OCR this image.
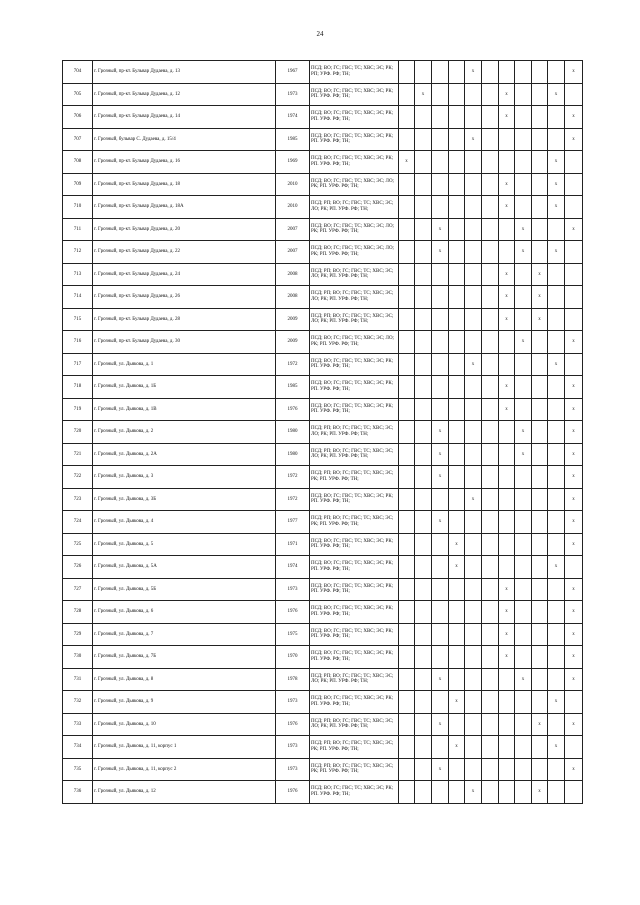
24
704	г. Грозный, пр-кт. Бульвар Дудаева, д. 13	1967	ПСД; ВО; ГС; ГВС; ТС; ХВС; ЭС; РК; РП; УРФ. РФ; ТН;					x						x
705	г. Грозный, пр-кт. Бульвар Дудаева, д. 12	1973	ПСД; ВО; ГС; ГВС; ТС; ХВС; ЭС; РК; РП. УРФ. РФ; ТН;		x					x			x	
706	г. Грозный, пр-кт. Бульвар Дудаева, д. 14	1974	ПСД; ВО; ГС; ГВС; ТС; ХВС; ЭС; РК; РП. УРФ. РФ; ТН;							x				x
707	г. Грозный, бульвар С. Дудаева, д. 15/4	1985	ПСД; ВО; ГС; ГВС; ТС; ХВС; ЭС; РК; РП. УРФ. РФ; ТН;					x						x
708	г. Грозный, пр-кт. Бульвар Дудаева, д. 16	1969	ПСД; ВО; ГС; ГВС; ТС; ХВС; ЭС; РК; РП. УРФ. РФ; ТН;	x									x	
709	г. Грозный, пр-кт. Бульвар Дудаева, д. 18	2010	ПСД; ВО; ГС; ГВС; ТС; ХВС; ЭС; ЛО; РК; РП. УРФ. РФ; ТН;							x			x	
710	г. Грозный, пр-кт. Бульвар Дудаева, д. 18А	2010	ПСД; РП; ВО; ГС; ГВС; ТС; ХВС; ЭС; ЛО; РК; РП. УРФ. РФ; ТН;							x			x	
711	г. Грозный, пр-кт. Бульвар Дудаева, д. 20	2007	ПСД; ВО; ГС; ГВС; ТС; ХВС; ЭС; ЛО; РК; РП. УРФ. РФ; ТН;			x					x			x
712	г. Грозный, пр-кт. Бульвар Дудаева, д. 22	2007	ПСД; ВО; ГС; ГВС; ТС; ХВС; ЭС; ЛО; РК; РП. УРФ. РФ; ТН;			x					x		x	
713	г. Грозный, пр-кт. Бульвар Дудаева, д. 24	2008	ПСД; РП; ВО; ГС; ГВС; ТС; ХВС; ЭС; ЛО; РК; РП. УРФ. РФ; ТН;							x		x		
714	г. Грозный, пр-кт. Бульвар Дудаева, д. 26	2008	ПСД; РП; ВО; ГС; ГВС; ТС; ХВС; ЭС; ЛО; РК; РП. УРФ. РФ; ТН;							x		x		
715	г. Грозный, пр-кт. Бульвар Дудаева, д. 28	2009	ПСД; РП; ВО; ГС; ГВС; ТС; ХВС; ЭС; ЛО; РК; РП. УРФ. РФ; ТН;							x		x		
716	г. Грозный, пр-кт. Бульвар Дудаева, д. 30	2009	ПСД; ВО; ГС; ГВС; ТС; ХВС; ЭС; ЛО; РК; РП. УРФ. РФ; ТН;								x			x
717	г. Грозный, ул. Дьякова, д. 1	1972	ПСД; ВО; ГС; ГВС; ТС; ХВС; ЭС; РК; РП. УРФ. РФ; ТН;					x					x	
718	г. Грозный, ул. Дьякова, д. 1Б	1985	ПСД; ВО; ГС; ГВС; ТС; ХВС; ЭС; РК; РП. УРФ. РФ; ТН;							x				x
719	г. Грозный, ул. Дьякова, д. 1В	1976	ПСД; ВО; ГС; ГВС; ТС; ХВС; ЭС; РК; РП. УРФ. РФ; ТН;							x				x
720	г. Грозный, ул. Дьякова, д. 2	1980	ПСД; РП; ВО; ГС; ГВС; ТС; ХВС; ЭС; ЛО; РК; РП. УРФ. РФ; ТН;			x					x			x
721	г. Грозный, ул. Дьякова, д. 2А	1980	ПСД; РП; ВО; ГС; ГВС; ТС; ХВС; ЭС; ЛО; РК; РП. УРФ. РФ; ТН;			x					x			x
722	г. Грозный, ул. Дьякова, д. 3	1972	ПСД; РП; ВО; ГС; ГВС; ТС; ХВС; ЭС; РК; РП. УРФ. РФ; ТН;			x								x
723	г. Грозный, ул. Дьякова, д. 3Б	1972	ПСД; ВО; ГС; ГВС; ТС; ХВС; ЭС; РК; РП. УРФ. РФ; ТН;					x						x
724	г. Грозный, ул. Дьякова, д. 4	1977	ПСД; РП; ВО; ГС; ГВС; ТС; ХВС; ЭС; РК; РП. УРФ. РФ; ТН;			x								x
725	г. Грозный, ул. Дьякова, д. 5	1971	ПСД; ВО; ГС; ГВС; ТС; ХВС; ЭС; РК; РП. УРФ. РФ; ТН;				x							x
726	г. Грозный, ул. Дьякова, д. 5А	1974	ПСД; ВО; ГС; ГВС; ТС; ХВС; ЭС; РК; РП. УРФ. РФ; ТН;				x						x	
727	г. Грозный, ул. Дьякова, д. 5Б	1973	ПСД; ВО; ГС; ГВС; ТС; ХВС; ЭС; РК; РП. УРФ. РФ; ТН;							x				x
728	г. Грозный, ул. Дьякова, д. 6	1976	ПСД; ВО; ГС; ГВС; ТС; ХВС; ЭС; РК; РП. УРФ. РФ; ТН;							x				x
729	г. Грозный, ул. Дьякова, д. 7	1975	ПСД; ВО; ГС; ГВС; ТС; ХВС; ЭС; РК; РП. УРФ. РФ; ТН;							x				x
730	г. Грозный, ул. Дьякова, д. 7Б	1970	ПСД; ВО; ГС; ГВС; ТС; ХВС; ЭС; РК; РП. УРФ. РФ; ТН;							x				x
731	г. Грозный, ул. Дьякова, д. 8	1978	ПСД; РП; ВО; ГС; ГВС; ТС; ХВС; ЭС; ЛО; РК; РП. УРФ. РФ; ТН;			x					x			x
732	г. Грозный, ул. Дьякова, д. 9	1973	ПСД; ВО; ГС; ГВС; ТС; ХВС; ЭС; РК; РП. УРФ. РФ; ТН;				x						x	
733	г. Грозный, ул. Дьякова, д. 10	1976	ПСД; РП; ВО; ГС; ГВС; ТС; ХВС; ЭС; ЛО; РК; РП. УРФ. РФ; ТН;			x						x		x
734	г. Грозный, ул. Дьякова, д. 11, корпус 1	1973	ПСД; РП; ВО; ГС; ГВС; ТС; ХВС; ЭС; РК; РП. УРФ. РФ; ТН;				x						x	
735	г. Грозный, ул. Дьякова, д. 11, корпус 2	1973	ПСД; РП; ВО; ГС; ГВС; ТС; ХВС; ЭС; РК; РП. УРФ. РФ; ТН;			x								x
736	г. Грозный, ул. Дьякова, д. 12	1976	ПСД; ВО; ГС; ГВС; ТС; ХВС; ЭС; РК; РП. УРФ. РФ; ТН;					x				x		
